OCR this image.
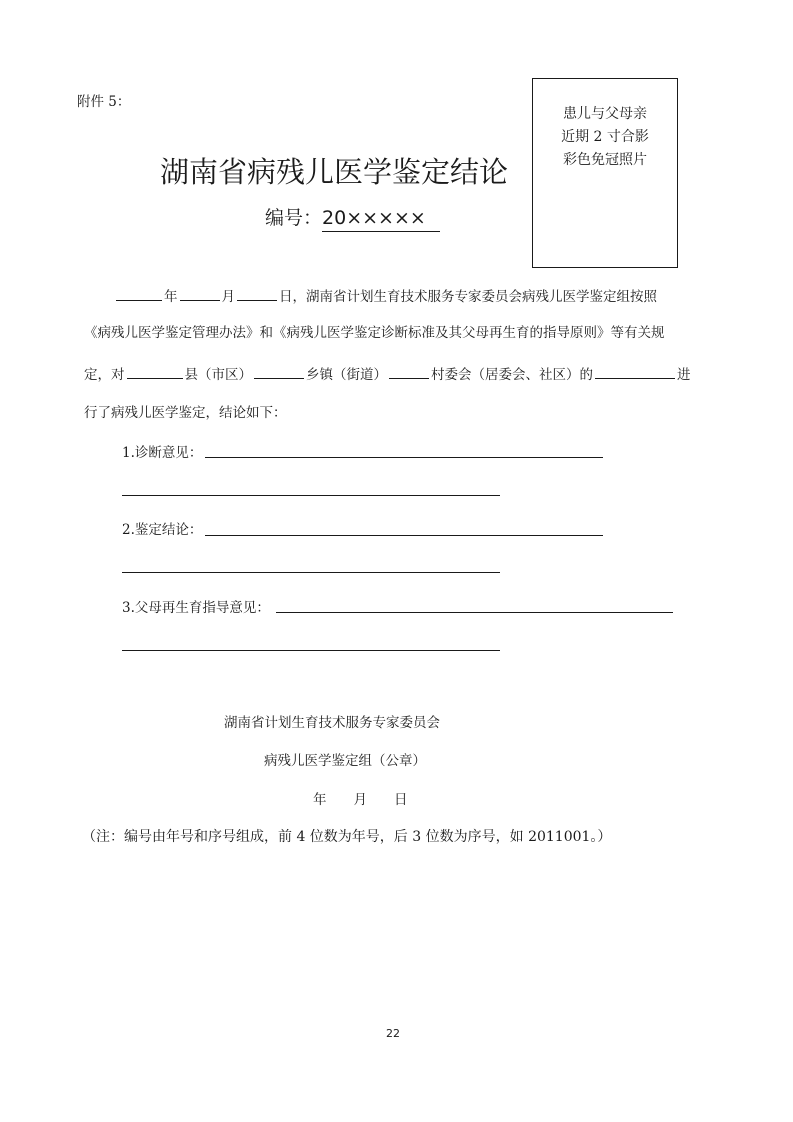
附件 5：
患儿与父母亲
近期 2 寸合影
彩色免冠照片
湖南省病残儿医学鉴定结论
编号：20×××××
年	月	日，湖南省计划生育技术服务专家委员会病残儿医学鉴定组按照
《病残儿医学鉴定管理办法》和《病残儿医学鉴定诊断标准及其父母再生育的指导原则》等有关规
定，对	县（市区）	乡镇（街道）	村委会（居委会、社区）的	进
行了病残儿医学鉴定，结论如下：
1.诊断意见：
2.鉴定结论：
3.父母再生育指导意见：
湖南省计划生育技术服务专家委员会
病残儿医学鉴定组（公章）
年　　月　　日
（注：编号由年号和序号组成，前 4 位数为年号，后 3 位数为序号，如 2011001。）
22
